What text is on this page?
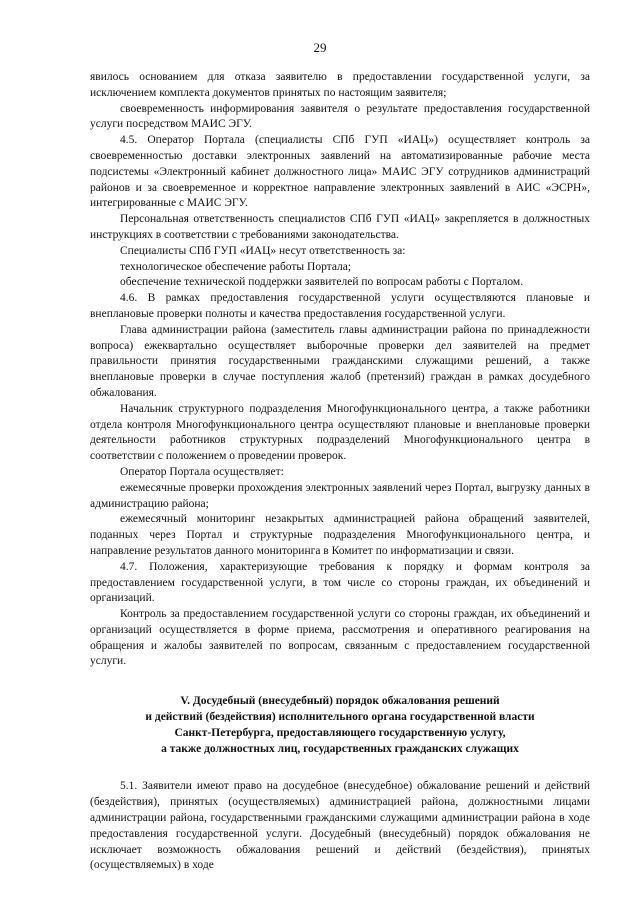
29

явилось основанием для отказа заявителю в предоставлении государственной услуги, за исключением комплекта документов принятых по настоящим заявителя;

своевременность информирования заявителя о результате предоставления государственной услуги посредством МАИС ЭГУ.

4.5. Оператор Портала (специалисты СПб ГУП «ИАЦ») осуществляет контроль за своевременностью доставки электронных заявлений на автоматизированные рабочие места подсистемы «Электронный кабинет должностного лица» МАИС ЭГУ сотрудников администраций районов и за своевременное и корректное направление электронных заявлений в АИС «ЭСРН», интегрированные с МАИС ЭГУ.

Персональная ответственность специалистов СПб ГУП «ИАЦ» закрепляется в должностных инструкциях в соответствии с требованиями законодательства.

Специалисты СПб ГУП «ИАЦ» несут ответственность за:

технологическое обеспечение работы Портала;

обеспечение технической поддержки заявителей по вопросам работы с Порталом.

4.6. В рамках предоставления государственной услуги осуществляются плановые и внеплановые проверки полноты и качества предоставления государственной услуги.

Глава администрации района (заместитель главы администрации района по принадлежности вопроса) ежеквартально осуществляет выборочные проверки дел заявителей на предмет правильности принятия государственными гражданскими служащими решений, а также внеплановые проверки в случае поступления жалоб (претензий) граждан в рамках досудебного обжалования.

Начальник структурного подразделения Многофункционального центра, а также работники отдела контроля Многофункционального центра осуществляют плановые и внеплановые проверки деятельности работников структурных подразделений Многофункционального центра в соответствии с положением о проведении проверок.

Оператор Портала осуществляет:

ежемесячные проверки прохождения электронных заявлений через Портал, выгрузку данных в администрацию района;

ежемесячный мониторинг незакрытых администрацией района обращений заявителей, поданных через Портал и структурные подразделения Многофункционального центра, и направление результатов данного мониторинга в Комитет по информатизации и связи.

4.7. Положения, характеризующие требования к порядку и формам контроля за предоставлением государственной услуги, в том числе со стороны граждан, их объединений и организаций.

Контроль за предоставлением государственной услуги со стороны граждан, их объединений и организаций осуществляется в форме приема, рассмотрения и оперативного реагирования на обращения и жалобы заявителей по вопросам, связанным с предоставлением государственной услуги.

V. Досудебный (внесудебный) порядок обжалования решений
и действий (бездействия) исполнительного органа государственной власти
Санкт-Петербурга, предоставляющего государственную услугу,
а также должностных лиц, государственных гражданских служащих

5.1. Заявители имеют право на досудебное (внесудебное) обжалование решений и действий (бездействия), принятых (осуществляемых) администрацией района, должностными лицами администрации района, государственными гражданскими служащими администрации района в ходе предоставления государственной услуги. Досудебный (внесудебный) порядок обжалования не исключает возможность обжалования решений и действий (бездействия), принятых (осуществляемых) в ходе
